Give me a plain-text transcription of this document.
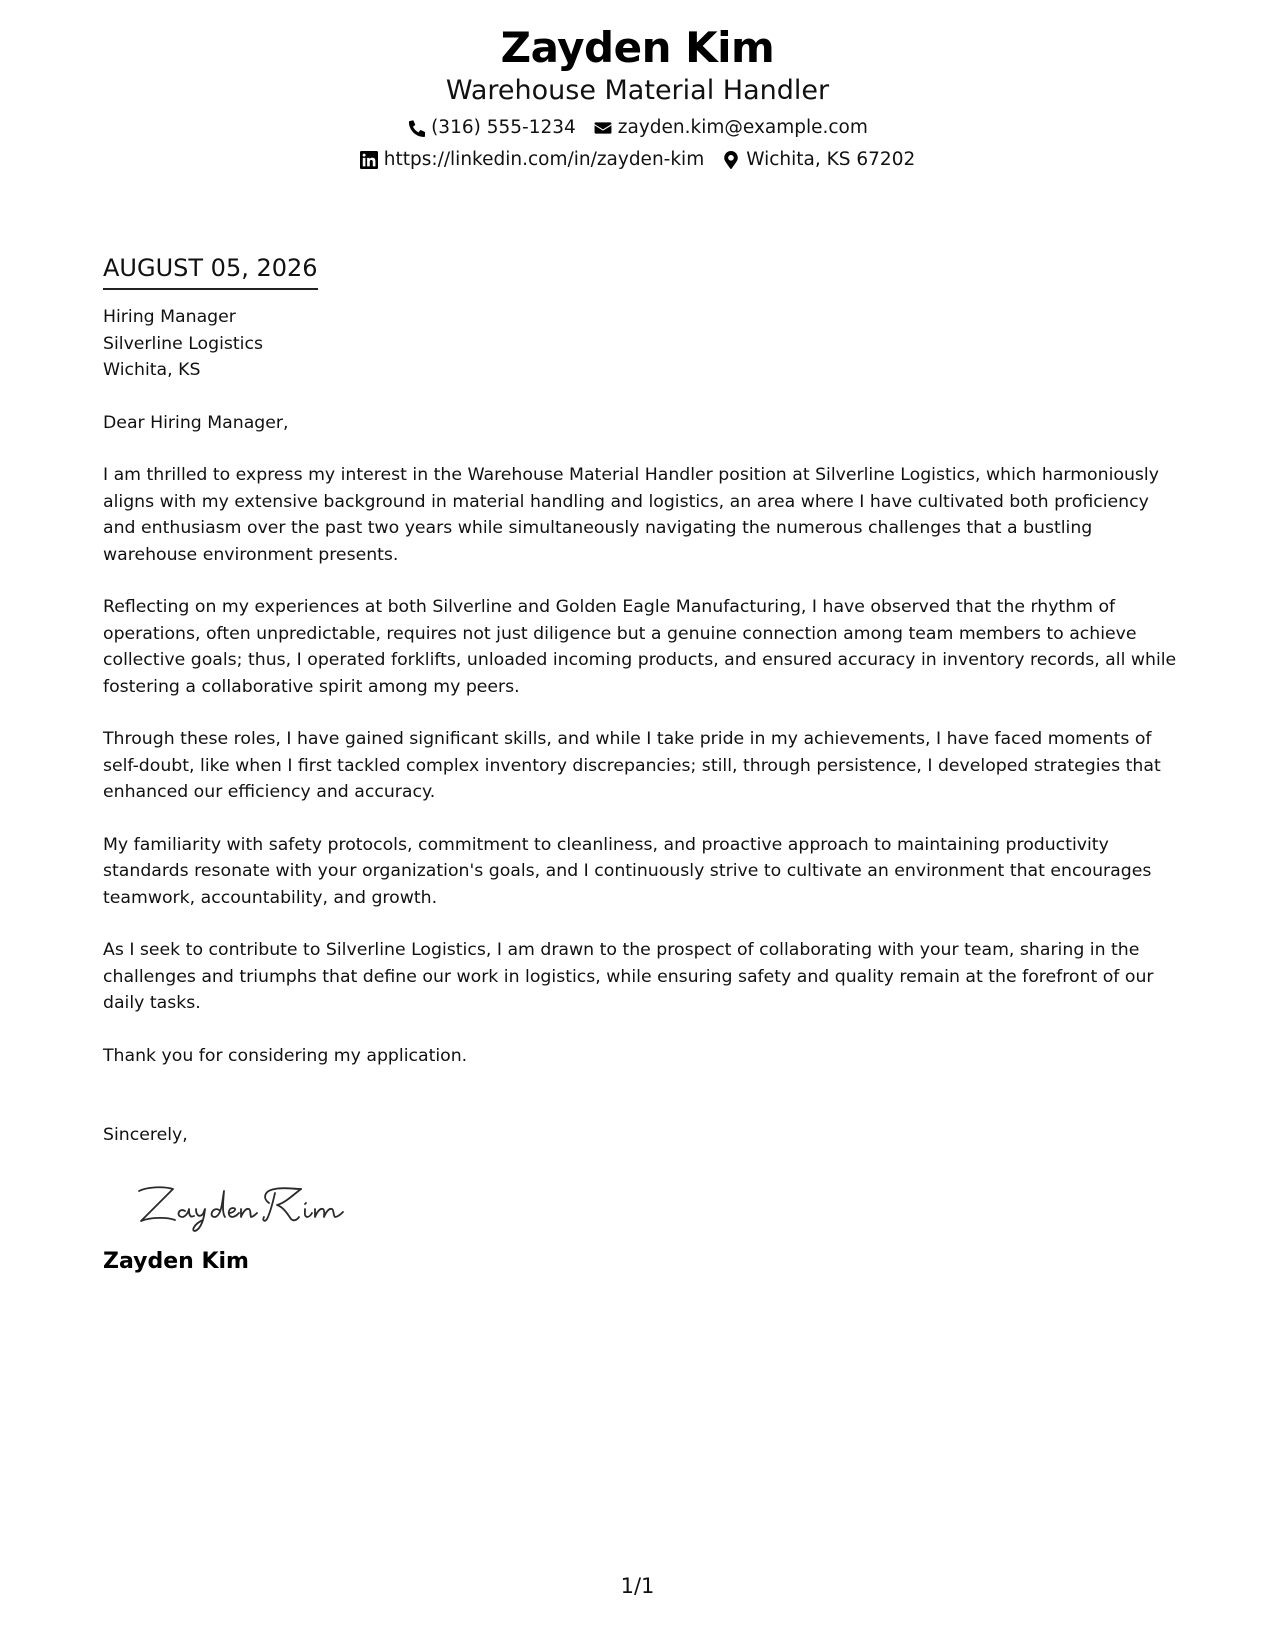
Zayden Kim

Warehouse Material Handler

(316) 555-1234 zayden.kim@example.com
https://linkedin.com/in/zayden-kim Wichita, KS 67202
AUGUST 05, 2026

Hiring Manager

Silverline Logistics

Wichita, KS

Dear Hiring Manager,

I am thrilled to express my interest in the Warehouse Material Handler position at Silverline Logistics, which harmoniously aligns with my extensive background in material handling and logistics, an area where I have cultivated both proficiency and enthusiasm over the past two years while simultaneously navigating the numerous challenges that a bustling warehouse environment presents.

Reflecting on my experiences at both Silverline and Golden Eagle Manufacturing, I have observed that the rhythm of operations, often unpredictable, requires not just diligence but a genuine connection among team members to achieve collective goals; thus, I operated forklifts, unloaded incoming products, and ensured accuracy in inventory records, all while fostering a collaborative spirit among my peers.

Through these roles, I have gained significant skills, and while I take pride in my achievements, I have faced moments of self-doubt, like when I first tackled complex inventory discrepancies; still, through persistence, I developed strategies that enhanced our efficiency and accuracy.

My familiarity with safety protocols, commitment to cleanliness, and proactive approach to maintaining productivity standards resonate with your organization's goals, and I continuously strive to cultivate an environment that encourages teamwork, accountability, and growth.

As I seek to contribute to Silverline Logistics, I am drawn to the prospect of collaborating with your team, sharing in the challenges and triumphs that define our work in logistics, while ensuring safety and quality remain at the forefront of our daily tasks.

Thank you for considering my application.

Sincerely,

Zayden Kim
1/1
